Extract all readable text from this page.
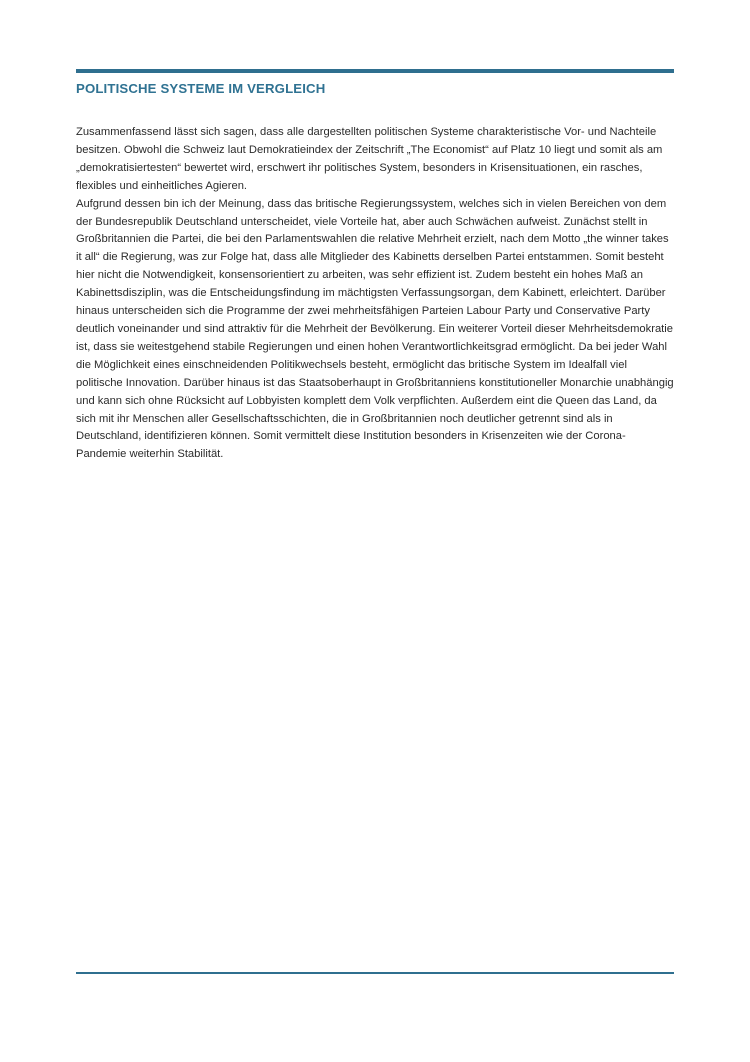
POLITISCHE SYSTEME IM VERGLEICH

Zusammenfassend lässt sich sagen, dass alle dargestellten politischen Systeme charakteristische Vor- und Nachteile besitzen. Obwohl die Schweiz laut Demokratieindex der Zeitschrift „The Economist“ auf Platz 10 liegt und somit als am „demokratisiertesten“ bewertet wird, erschwert ihr politisches System, besonders in Krisensituationen, ein rasches, flexibles und einheitliches Agieren.

Aufgrund dessen bin ich der Meinung, dass das britische Regierungssystem, welches sich in vielen Bereichen von dem der Bundesrepublik Deutschland unterscheidet, viele Vorteile hat, aber auch Schwächen aufweist. Zunächst stellt in Großbritannien die Partei, die bei den Parlamentswahlen die relative Mehrheit erzielt, nach dem Motto „the winner takes it all“ die Regierung, was zur Folge hat, dass alle Mitglieder des Kabinetts derselben Partei entstammen. Somit besteht hier nicht die Notwendigkeit, konsensorientiert zu arbeiten, was sehr effizient ist. Zudem besteht ein hohes Maß an Kabinettsdisziplin, was die Entscheidungsfindung im mächtigsten Verfassungsorgan, dem Kabinett, erleichtert. Darüber hinaus unterscheiden sich die Programme der zwei mehrheitsfähigen Parteien Labour Party und Conservative Party deutlich voneinander und sind attraktiv für die Mehrheit der Bevölkerung. Ein weiterer Vorteil dieser Mehrheitsdemokratie ist, dass sie weitestgehend stabile Regierungen und einen hohen Verantwortlichkeitsgrad ermöglicht. Da bei jeder Wahl die Möglichkeit eines einschneidenden Politikwechsels besteht, ermöglicht das britische System im Idealfall viel politische Innovation. Darüber hinaus ist das Staatsoberhaupt in Großbritanniens konstitutioneller Monarchie unabhängig und kann sich ohne Rücksicht auf Lobbyisten komplett dem Volk verpflichten. Außerdem eint die Queen das Land, da sich mit ihr Menschen aller Gesellschaftsschichten, die in Großbritannien noch deutlicher getrennt sind als in Deutschland, identifizieren können. Somit vermittelt diese Institution besonders in Krisenzeiten wie der Corona-Pandemie weiterhin Stabilität.
